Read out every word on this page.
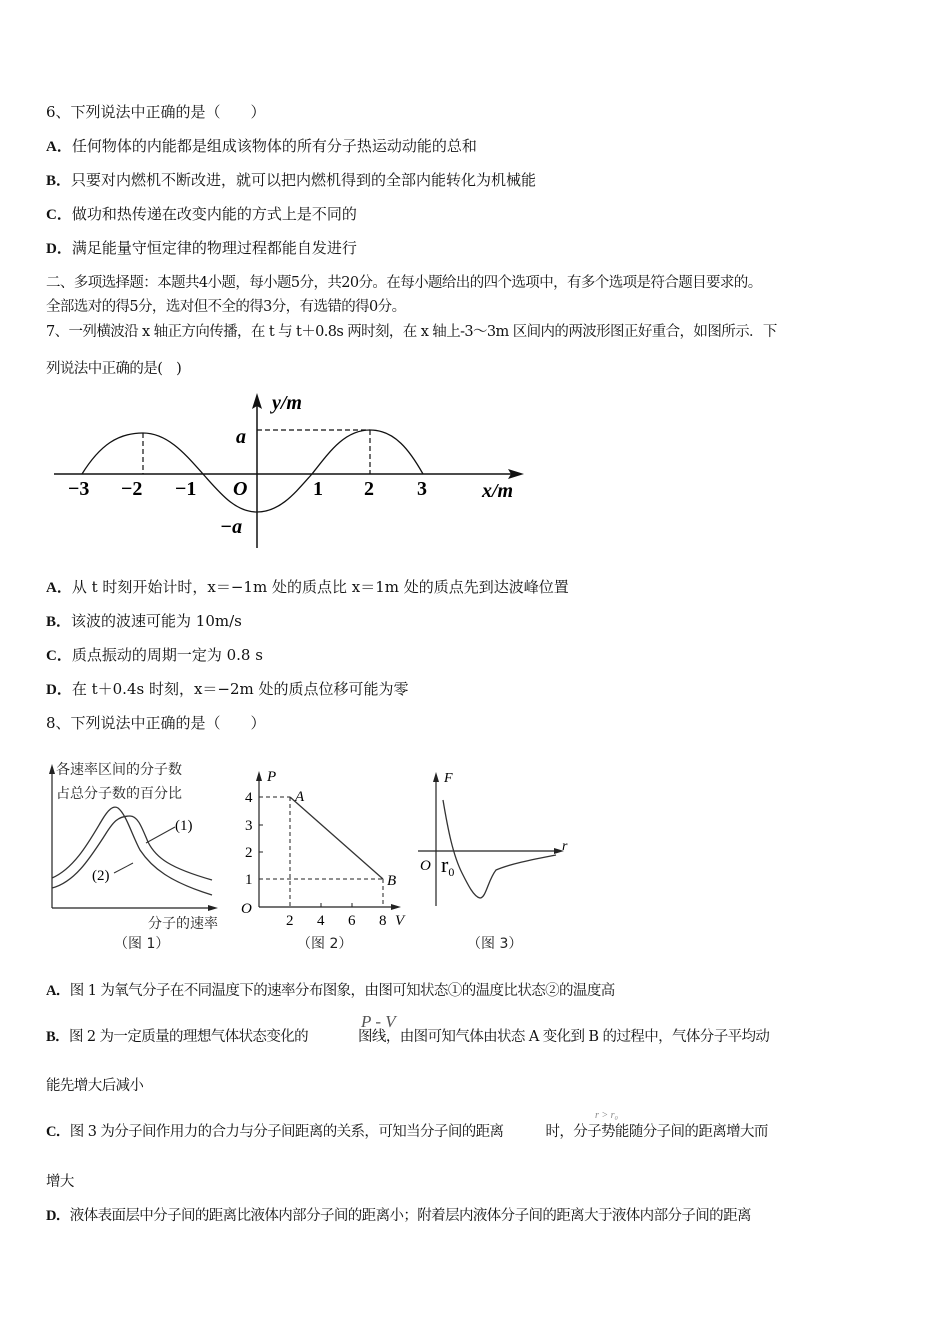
6、下列说法中正确的是（　　）
A．任何物体的内能都是组成该物体的所有分子热运动动能的总和
B．只要对内燃机不断改进，就可以把内燃机得到的全部内能转化为机械能
C．做功和热传递在改变内能的方式上是不同的
D．满足能量守恒定律的物理过程都能自发进行
二、多项选择题：本题共4小题，每小题5分，共20分。在每小题给出的四个选项中，有多个选项是符合题目要求的。
全部选对的得5分，选对但不全的得3分，有选错的得0分。
7、一列横波沿 x 轴正方向传播，在 t 与 t＋0.8s 两时刻，在 x 轴上-3～3m 区间内的两波形图正好重合，如图所示．下
列说法中正确的是(　)
y/m
a
−a
O
−3 −2 −1	1 2 3	x/m
A．从 t 时刻开始计时，x＝−1m 处的质点比 x＝1m 处的质点先到达波峰位置
B．该波的波速可能为 10m/s
C．质点振动的周期一定为 0.8 s
D．在 t＋0.4s 时刻，x＝−2m 处的质点位移可能为零
8、下列说法中正确的是（　　）
各速率区间的分子数
占总分子数的百分比
(1)
(2)
分子的速率
（图 1）
P
V
O
1
2
3
4
2 4 6 8
A
B
（图 2）
F
r
O r0
（图 3）
A．图 1 为氧气分子在不同温度下的速率分布图象，由图可知状态①的温度比状态②的温度高
B．图 2 为一定质量的理想气体状态变化的	图线，由图可知气体由状态 A 变化到 B 的过程中，气体分子平均动
P - V
能先增大后减小
C．图 3 为分子间作用力的合力与分子间距离的关系，可知当分子间的距离	时，分子势能随分子间的距离增大而
r > r₀
增大
D．液体表面层中分子间的距离比液体内部分子间的距离小；附着层内液体分子间的距离大于液体内部分子间的距离
